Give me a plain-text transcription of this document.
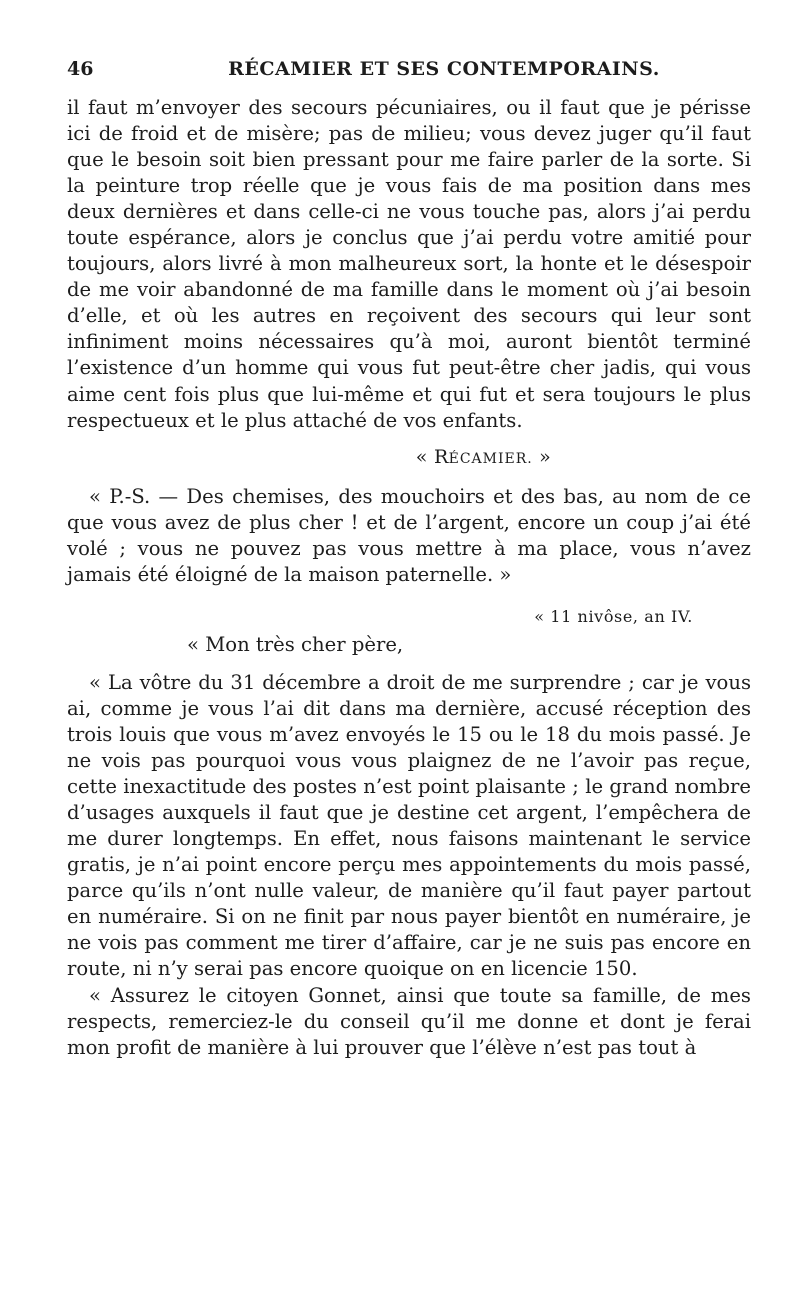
46	RÉCAMIER ET SES CONTEMPORAINS.

il faut m’envoyer des secours pécuniaires, ou il faut que je périsse ici de froid et de misère; pas de milieu; vous devez juger qu’il faut que le besoin soit bien pressant pour me faire parler de la sorte. Si la peinture trop réelle que je vous fais de ma position dans mes deux dernières et dans celle-ci ne vous touche pas, alors j’ai perdu toute espérance, alors je conclus que j’ai perdu votre amitié pour toujours, alors livré à mon malheureux sort, la honte et le désespoir de me voir abandonné de ma famille dans le moment où j’ai besoin d’elle, et où les autres en reçoivent des secours qui leur sont infiniment moins nécessaires qu’à moi, auront bientôt terminé l’existence d’un homme qui vous fut peut-être cher jadis, qui vous aime cent fois plus que lui-même et qui fut et sera toujours le plus respectueux et le plus attaché de vos enfants.

« RÉCAMIER. »

« P.-S. — Des chemises, des mouchoirs et des bas, au nom de ce que vous avez de plus cher ! et de l’argent, encore un coup j’ai été volé ; vous ne pouvez pas vous mettre à ma place, vous n’avez jamais été éloigné de la maison paternelle. »

« 11 nivôse, an IV.

« Mon très cher père,

« La vôtre du 31 décembre a droit de me surprendre ; car je vous ai, comme je vous l’ai dit dans ma dernière, accusé réception des trois louis que vous m’avez envoyés le 15 ou le 18 du mois passé. Je ne vois pas pourquoi vous vous plaignez de ne l’avoir pas reçue, cette inexactitude des postes n’est point plaisante ; le grand nombre d’usages auxquels il faut que je destine cet argent, l’empêchera de me durer longtemps. En effet, nous faisons maintenant le service gratis, je n’ai point encore perçu mes appointements du mois passé, parce qu’ils n’ont nulle valeur, de manière qu’il faut payer partout en numéraire. Si on ne finit par nous payer bientôt en numéraire, je ne vois pas comment me tirer d’affaire, car je ne suis pas encore en route, ni n’y serai pas encore quoique on en licencie 150.

« Assurez le citoyen Gonnet, ainsi que toute sa famille, de mes respects, remerciez-le du conseil qu’il me donne et dont je ferai mon profit de manière à lui prouver que l’élève n’est pas tout à
